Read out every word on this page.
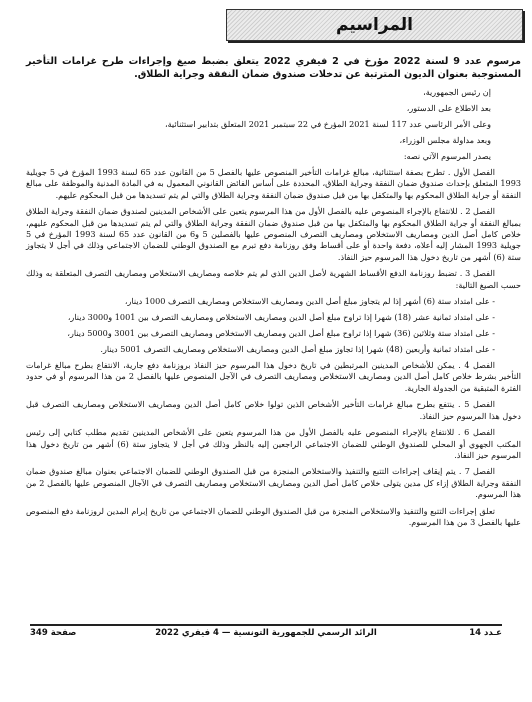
المراسيم

مرسوم عدد 9 لسنة 2022 مؤرخ في 2 فيفري 2022 يتعلق بضبط صيغ وإجراءات طرح غرامات التأخير المستوجبة بعنوان الديون المترتبة عن تدخلات صندوق ضمان النفقة وجراية الطلاق.

إن رئيس الجمهورية،
بعد الاطلاع على الدستور،
وعلى الأمر الرئاسي عدد 117 لسنة 2021 المؤرخ في 22 سبتمبر 2021 المتعلق بتدابير استثنائية،
وبعد مداولة مجلس الوزراء،
يصدر المرسوم الآتي نصه:

الفصل الأول . تطرح بصفة استثنائية، مبالغ غرامات التأخير المنصوص عليها بالفصل 5 من القانون عدد 65 لسنة 1993 المؤرخ في 5 جويلية 1993 المتعلق بإحداث صندوق ضمان النفقة وجراية الطلاق، المحددة على أساس الفائض القانوني المعمول به في المادة المدنية والموظفة على مبالغ النفقة أو جراية الطلاق المحكوم بها والمتكفل بها من قبل صندوق ضمان النفقة وجراية الطلاق والتي لم يتم تسديدها من قبل المحكوم عليهم.

الفصل 2 . للانتفاع بالإجراء المنصوص عليه بالفصل الأول من هذا المرسوم يتعين على الأشخاص المدينين لصندوق ضمان النفقة وجراية الطلاق بمبالغ النفقة أو جراية الطلاق المحكوم بها والمتكفل بها من قبل صندوق ضمان النفقة وجراية الطلاق والتي لم يتم تسديدها من قبل المحكوم عليهم، خلاص كامل أصل الدين ومصاريف الاستخلاص ومصاريف التصرف المنصوص عليها بالفصلين 5 و6 من القانون عدد 65 لسنة 1993 المؤرخ في 5 جويلية 1993 المشار إليه أعلاه، دفعة واحدة أو على أقساط وفق روزنامة دفع تبرم مع الصندوق الوطني للضمان الاجتماعي وذلك في أجل لا يتجاوز ستة (6) أشهر من تاريخ دخول هذا المرسوم حيز النفاذ.

الفصل 3 . تضبط روزنامة الدفع الأقساط الشهرية لأصل الدين الذي لم يتم خلاصه ومصاريف الاستخلاص ومصاريف التصرف المتعلقة به وذلك حسب الصيغ التالية:

- على امتداد ستة (6) أشهر إذا لم يتجاوز مبلغ أصل الدين ومصاريف الاستخلاص ومصاريف التصرف 1000 دينار،
- على امتداد ثمانية عشر (18) شهرا إذا تراوح مبلغ أصل الدين ومصاريف الاستخلاص ومصاريف التصرف بين 1001 و3000 دينار،
- على امتداد ستة وثلاثين (36) شهرا إذا تراوح مبلغ أصل الدين ومصاريف الاستخلاص ومصاريف التصرف بين 3001 و5000 دينار،
- على امتداد ثمانية وأربعين (48) شهرا إذا تجاوز مبلغ أصل الدين ومصاريف الاستخلاص ومصاريف التصرف 5001 دينار.

الفصل 4 . يمكن للأشخاص المدينين المرتبطين في تاريخ دخول هذا المرسوم حيز النفاذ بروزنامة دفع جارية، الانتفاع بطرح مبالغ غرامات التأخير بشرط خلاص كامل أصل الدين ومصاريف الاستخلاص ومصاريف التصرف في الآجل المنصوص عليها بالفصل 2 من هذا المرسوم أو في حدود الفترة المتبقية من الجدولة الجارية.

الفصل 5 . ينتفع بطرح مبالغ غرامات التأخير الأشخاص الذين تولوا خلاص كامل أصل الدين ومصاريف الاستخلاص ومصاريف التصرف قبل دخول هذا المرسوم حيز النفاذ.

الفصل 6 . للانتفاع بالإجراء المنصوص عليه بالفصل الأول من هذا المرسوم يتعين على الأشخاص المدينين تقديم مطلب كتابي إلى رئيس المكتب الجهوي أو المحلي للصندوق الوطني للضمان الاجتماعي الراجعين إليه بالنظر وذلك في أجل لا يتجاوز ستة (6) أشهر من تاريخ دخول هذا المرسوم حيز النفاذ.

الفصل 7 . يتم إيقاف إجراءات التتبع والتنفيذ والاستخلاص المنجزة من قبل الصندوق الوطني للضمان الاجتماعي بعنوان مبالغ صندوق ضمان النفقة وجراية الطلاق إزاء كل مدين يتولى خلاص كامل أصل الدين ومصاريف الاستخلاص ومصاريف التصرف في الآجال المنصوص عليها بالفصل 2 من هذا المرسوم.

تعلق إجراءات التتبع والتنفيذ والاستخلاص المنجزة من قبل الصندوق الوطني للضمان الاجتماعي من تاريخ إبرام المدين لروزنامة دفع المنصوص عليها بالفصل 3 من هذا المرسوم.

صفحة 349	الرائد الرسمي للجمهورية التونسية — 4 فيفري 2022	عـدد 14
